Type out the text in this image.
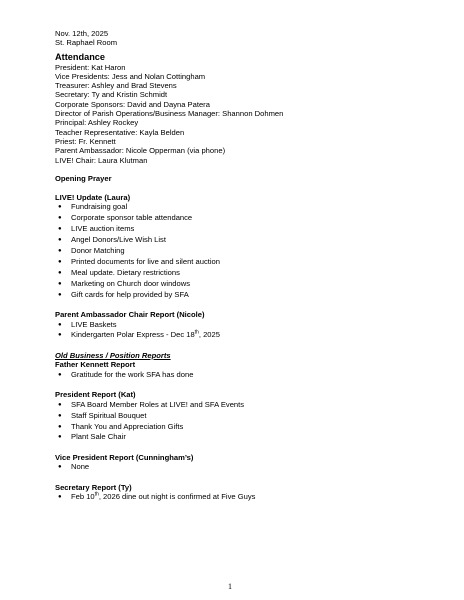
Nov. 12th, 2025
St. Raphael Room
Attendance
President: Kat Haron
Vice Presidents: Jess and Nolan Cottingham
Treasurer: Ashley and Brad Stevens
Secretary: Ty and Kristin Schmidt
Corporate Sponsors: David and Dayna Patera
Director of Parish Operations/Business Manager: Shannon Dohmen
Principal: Ashley Rockey
Teacher Representative: Kayla Belden
Priest: Fr. Kennett
Parent Ambassador: Nicole Opperman (via phone)
LIVE! Chair: Laura Klutman
Opening Prayer
LIVE! Update (Laura)
● Fundraising goal
● Corporate sponsor table attendance
● LIVE auction items
● Angel Donors/Live Wish List
● Donor Matching
● Printed documents for live and silent auction
● Meal update. Dietary restrictions
● Marketing on Church door windows
● Gift cards for help provided by SFA
Parent Ambassador Chair Report (Nicole)
● LIVE Baskets
● Kindergarten Polar Express - Dec 18th, 2025
Old Business / Position Reports
Father Kennett Report
● Gratitude for the work SFA has done
President Report (Kat)
● SFA Board Member Roles at LIVE! and SFA Events
● Staff Spiritual Bouquet
● Thank You and Appreciation Gifts
● Plant Sale Chair
Vice President Report (Cunningham’s)
● None
Secretary Report (Ty)
● Feb 10th, 2026 dine out night is confirmed at Five Guys
1
